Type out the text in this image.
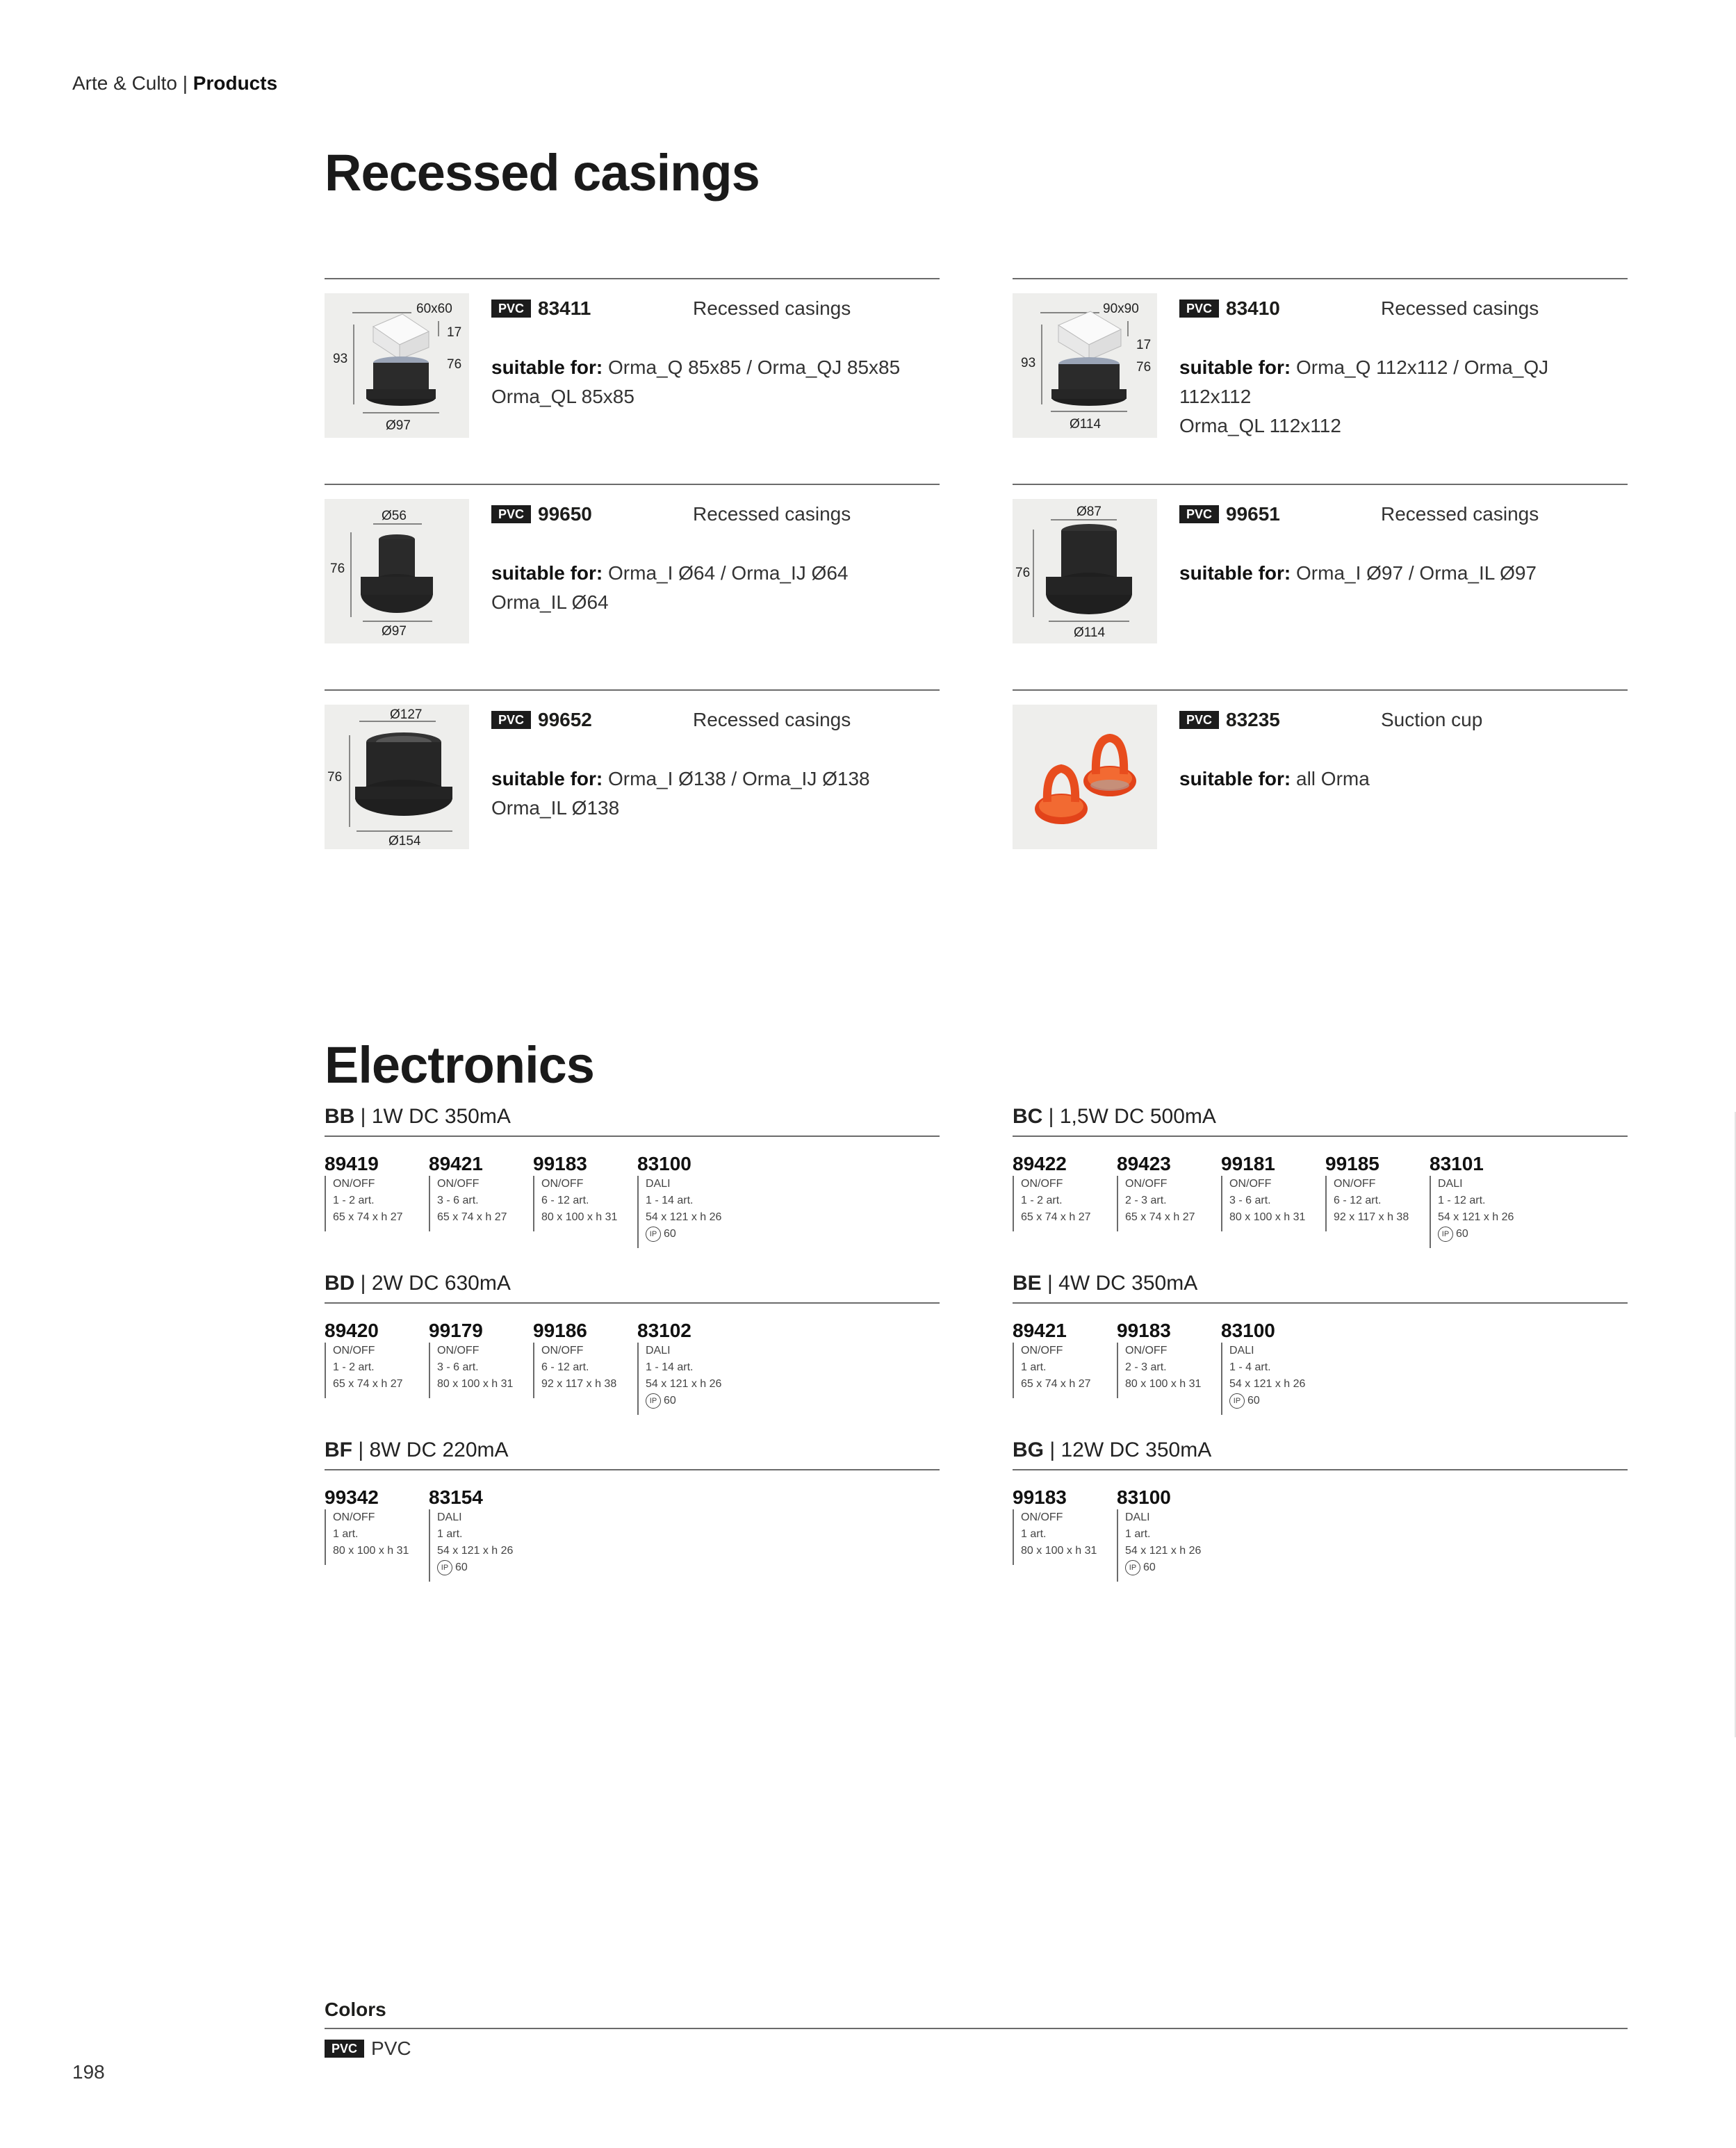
Arte & Culto | Products
Recessed casings
60x60
93
17
76
Ø97
PVC 83411	Recessed casings
suitable for: Orma_Q 85x85 / Orma_QJ 85x85
Orma_QL 85x85
90x90
93
17
76
Ø114
PVC 83410	Recessed casings
suitable for: Orma_Q 112x112 / Orma_QJ 112x112
Orma_QL 112x112
Ø56
76
Ø97
PVC 99650	Recessed casings
suitable for: Orma_I Ø64 / Orma_IJ Ø64
Orma_IL Ø64
Ø87
76
Ø114
PVC 99651	Recessed casings
suitable for: Orma_I Ø97 / Orma_IL Ø97

Ø127
76
Ø154
PVC 99652	Recessed casings
suitable for: Orma_I Ø138 / Orma_IJ Ø138
Orma_IL Ø138
PVC 83235	Suction cup
suitable for: all Orma
Electronics
BB | 1W DC 350mA
89419
ON/OFF
1 - 2 art.
65 x 74 x h 27
89421
ON/OFF
3 - 6 art.
65 x 74 x h 27
99183
ON/OFF
6 - 12 art.
80 x 100 x h 31
83100
DALI
1 - 14 art.
54 x 121 x h 26
IP 60
BC | 1,5W DC 500mA
89422
ON/OFF
1 - 2 art.
65 x 74 x h 27
89423
ON/OFF
2 - 3 art.
65 x 74 x h 27
99181
ON/OFF
3 - 6 art.
80 x 100 x h 31
99185
ON/OFF
6 - 12 art.
92 x 117 x h 38
83101
DALI
1 - 12 art.
54 x 121 x h 26
IP 60
BD | 2W DC 630mA
89420
ON/OFF
1 - 2 art.
65 x 74 x h 27
99179
ON/OFF
3 - 6 art.
80 x 100 x h 31
99186
ON/OFF
6 - 12 art.
92 x 117 x h 38
83102
DALI
1 - 14 art.
54 x 121 x h 26
IP 60
BE | 4W DC 350mA
89421
ON/OFF
1 art.
65 x 74 x h 27
99183
ON/OFF
2 - 3 art.
80 x 100 x h 31
83100
DALI
1 - 4 art.
54 x 121 x h 26
IP 60
BF | 8W DC 220mA
99342
ON/OFF
1 art.
80 x 100 x h 31
83154
DALI
1 art.
54 x 121 x h 26
IP 60
BG | 12W DC 350mA
99183
ON/OFF
1 art.
80 x 100 x h 31
83100
DALI
1 art.
54 x 121 x h 26
IP 60
Colors
PVC PVC
198
